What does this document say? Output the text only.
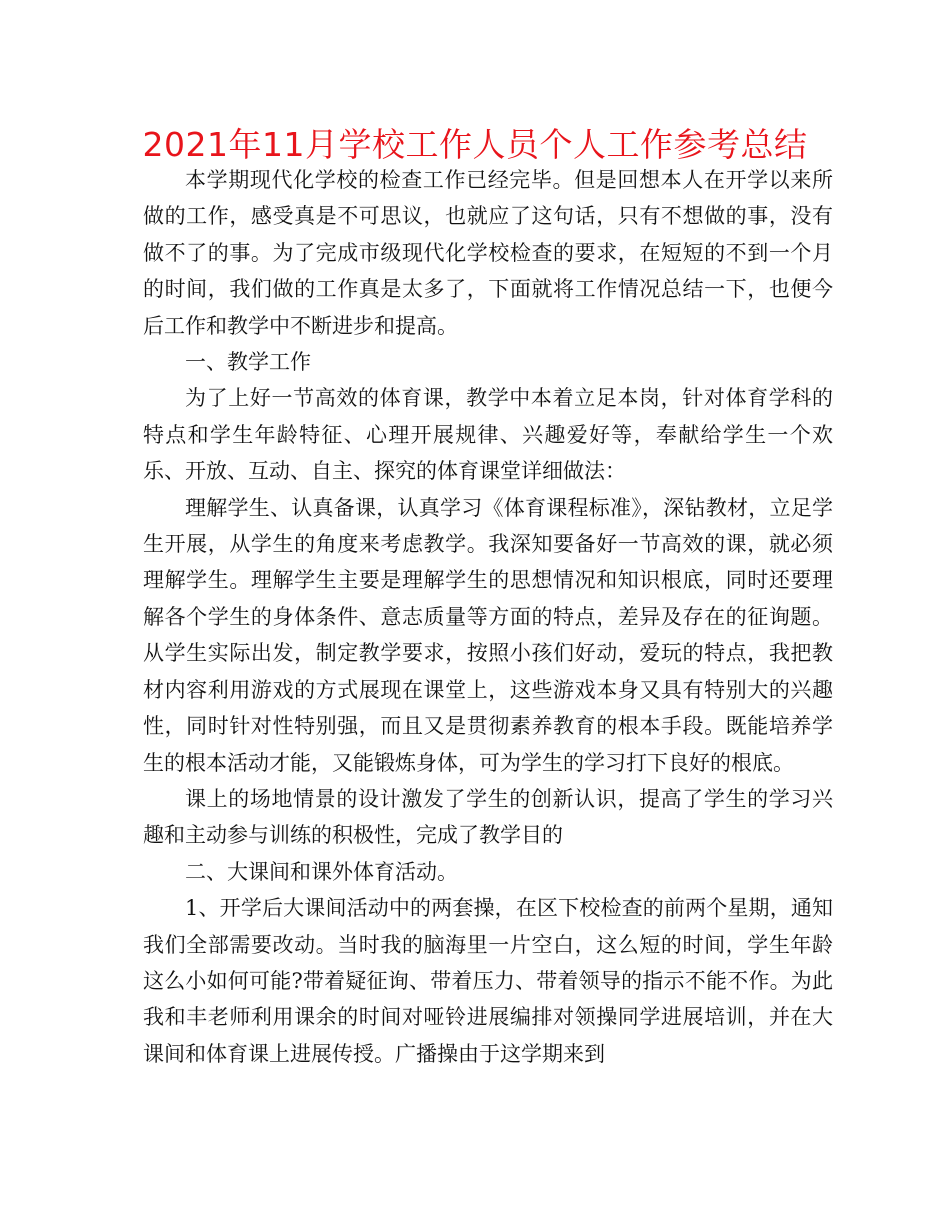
2021年11月学校工作人员个人工作参考总结

本学期现代化学校的检查工作已经完毕。但是回想本人在开学以来所做的工作，感受真是不可思议，也就应了这句话，只有不想做的事，没有做不了的事。为了完成市级现代化学校检查的要求，在短短的不到一个月的时间，我们做的工作真是太多了，下面就将工作情况总结一下，也便今后工作和教学中不断进步和提高。

一、教学工作

为了上好一节高效的体育课，教学中本着立足本岗，针对体育学科的特点和学生年龄特征、心理开展规律、兴趣爱好等，奉献给学生一个欢乐、开放、互动、自主、探究的体育课堂详细做法：

理解学生、认真备课，认真学习《体育课程标准》，深钻教材，立足学生开展，从学生的角度来考虑教学。我深知要备好一节高效的课，就必须理解学生。理解学生主要是理解学生的思想情况和知识根底，同时还要理解各个学生的身体条件、意志质量等方面的特点，差异及存在的征询题。从学生实际出发，制定教学要求，按照小孩们好动，爱玩的特点，我把教材内容利用游戏的方式展现在课堂上，这些游戏本身又具有特别大的兴趣性，同时针对性特别强，而且又是贯彻素养教育的根本手段。既能培养学生的根本活动才能，又能锻炼身体，可为学生的学习打下良好的根底。

课上的场地情景的设计激发了学生的创新认识，提高了学生的学习兴趣和主动参与训练的积极性，完成了教学目的

二、大课间和课外体育活动。

1、开学后大课间活动中的两套操，在区下校检查的前两个星期，通知我们全部需要改动。当时我的脑海里一片空白，这么短的时间，学生年龄这么小如何可能?带着疑征询、带着压力、带着领导的指示不能不作。为此我和丰老师利用课余的时间对哑铃进展编排对领操同学进展培训，并在大课间和体育课上进展传授。广播操由于这学期来到
